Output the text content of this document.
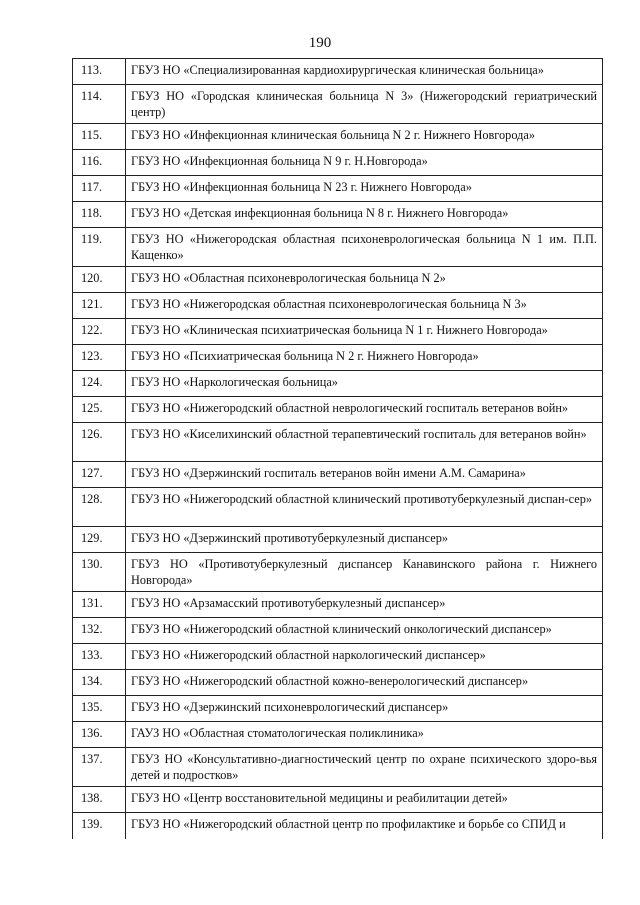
190
113.	ГБУЗ НО «Специализированная кардиохирургическая клиническая больница»
114.	ГБУЗ НО «Городская клиническая больница N 3» (Нижегородский гериатрический центр)
115.	ГБУЗ НО «Инфекционная клиническая больница N 2 г. Нижнего Новгорода»
116.	ГБУЗ НО «Инфекционная больница N 9 г. Н.Новгорода»
117.	ГБУЗ НО «Инфекционная больница N 23 г. Нижнего Новгорода»
118.	ГБУЗ НО «Детская инфекционная больница N 8 г. Нижнего Новгорода»
119.	ГБУЗ НО «Нижегородская областная психоневрологическая больница N 1 им. П.П. Кащенко»
120.	ГБУЗ НО «Областная психоневрологическая больница N 2»
121.	ГБУЗ НО «Нижегородская областная психоневрологическая больница N 3»
122.	ГБУЗ НО «Клиническая психиатрическая больница N 1 г. Нижнего Новгорода»
123.	ГБУЗ НО «Психиатрическая больница N 2 г. Нижнего Новгорода»
124.	ГБУЗ НО «Наркологическая больница»
125.	ГБУЗ НО «Нижегородский областной неврологический госпиталь ветеранов войн»
126.	ГБУЗ НО «Киселихинский областной терапевтический госпиталь для ветеранов войн»
127.	ГБУЗ НО «Дзержинский госпиталь ветеранов войн имени А.М. Самарина»
128.	ГБУЗ НО «Нижегородский областной клинический противотуберкулезный диспан-сер»
129.	ГБУЗ НО «Дзержинский противотуберкулезный диспансер»
130.	ГБУЗ НО «Противотуберкулезный диспансер Канавинского района г. Нижнего Новгорода»
131.	ГБУЗ НО «Арзамасский противотуберкулезный диспансер»
132.	ГБУЗ НО «Нижегородский областной клинический онкологический диспансер»
133.	ГБУЗ НО «Нижегородский областной наркологический диспансер»
134.	ГБУЗ НО «Нижегородский областной кожно-венерологический диспансер»
135.	ГБУЗ НО «Дзержинский психоневрологический диспансер»
136.	ГАУЗ НО «Областная стоматологическая поликлиника»
137.	ГБУЗ НО «Консультативно-диагностический центр по охране психического здоро-вья детей и подростков»
138.	ГБУЗ НО «Центр восстановительной медицины и реабилитации детей»
139.	ГБУЗ НО «Нижегородский областной центр по профилактике и борьбе со СПИД и
